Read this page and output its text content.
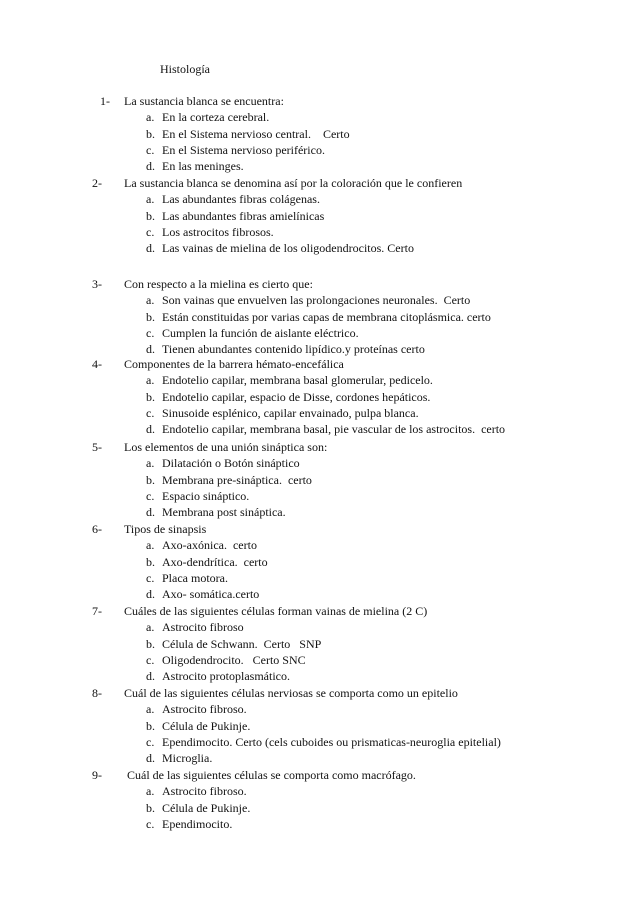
Histología
1- La sustancia blanca se encuentra:
a. En la corteza cerebral.
b. En el Sistema nervioso central.    Certo
c. En el Sistema nervioso periférico.
d. En las meninges.
2- La sustancia blanca se denomina así por la coloración que le confieren
a. Las abundantes fibras colágenas.
b. Las abundantes fibras amielínicas
c. Los astrocitos fibrosos.
d. Las vainas de mielina de los oligodendrocitos. Certo
3- Con respecto a la mielina es cierto que:
a. Son vainas que envuelven las prolongaciones neuronales.  Certo
b. Están constituidas por varias capas de membrana citoplásmica. certo
c. Cumplen la función de aislante eléctrico.
d. Tienen abundantes contenido lipídico.y proteínas certo
4- Componentes de la barrera hémato-encefálica
a. Endotelio capilar, membrana basal glomerular, pedicelo.
b. Endotelio capilar, espacio de Disse, cordones hepáticos.
c. Sinusoide esplénico, capilar envainado, pulpa blanca.
d. Endotelio capilar, membrana basal, pie vascular de los astrocitos.  certo
5- Los elementos de una unión sináptica son:
a. Dilatación o Botón sináptico
b. Membrana pre-sináptica.  certo
c. Espacio sináptico.
d. Membrana post sináptica.
6- Tipos de sinapsis
a. Axo-axónica.  certo
b. Axo-dendrítica.  certo
c. Placa motora.
d. Axo- somática.certo
7- Cuáles de las siguientes células forman vainas de mielina (2 C)
a. Astrocito fibroso
b. Célula de Schwann.  Certo   SNP
c. Oligodendrocito.   Certo SNC
d. Astrocito protoplasmático.
8- Cuál de las siguientes células nerviosas se comporta como un epitelio
a. Astrocito fibroso.
b. Célula de Pukinje.
c. Ependimocito. Certo (cels cuboides ou prismaticas-neuroglia epitelial)
d. Microglia.
9- Cuál de las siguientes células se comporta como macrófago.
a. Astrocito fibroso.
b. Célula de Pukinje.
c. Ependimocito.
